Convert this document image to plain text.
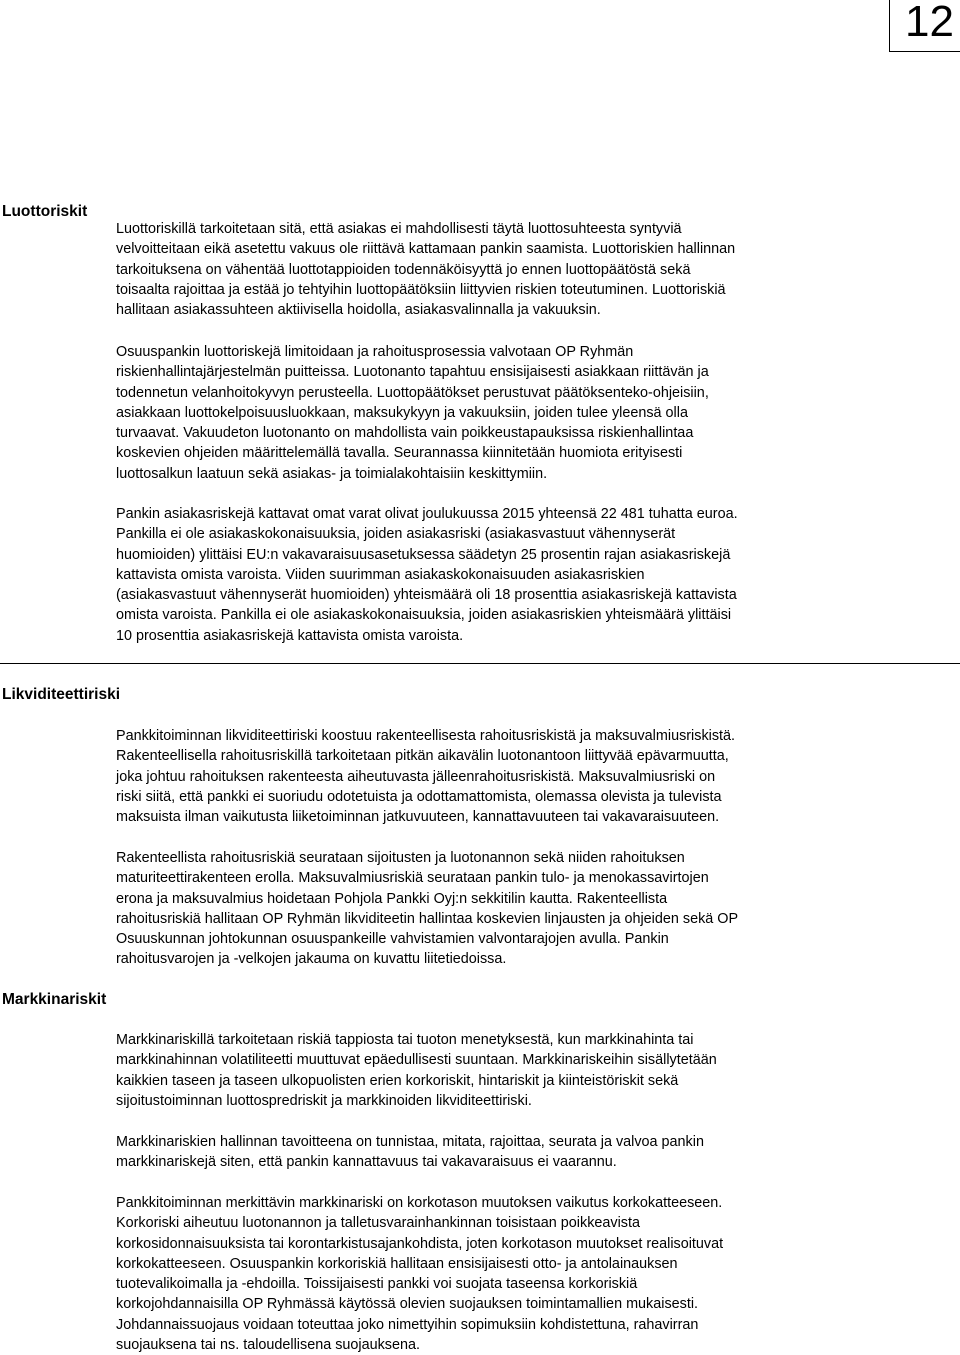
12
Luottoriskit

Luottoriskillä tarkoitetaan sitä, että asiakas ei mahdollisesti täytä luottosuhteesta syntyviä
velvoitteitaan eikä asetettu vakuus ole riittävä kattamaan pankin saamista. Luottoriskien hallinnan
tarkoituksena on vähentää luottotappioiden todennäköisyyttä jo ennen luottopäätöstä sekä
toisaalta rajoittaa ja estää jo tehtyihin luottopäätöksiin liittyvien riskien toteutuminen. Luottoriskiä
hallitaan asiakassuhteen aktiivisella hoidolla, asiakasvalinnalla ja vakuuksin.

Osuuspankin luottoriskejä limitoidaan ja rahoitusprosessia valvotaan OP Ryhmän
riskienhallintajärjestelmän puitteissa. Luotonanto tapahtuu ensisijaisesti asiakkaan riittävän ja
todennetun velanhoitokyvyn perusteella. Luottopäätökset perustuvat päätöksenteko-ohjeisiin,
asiakkaan luottokelpoisuusluokkaan, maksukykyyn ja vakuuksiin, joiden tulee yleensä olla
turvaavat. Vakuudeton luotonanto on mahdollista vain poikkeustapauksissa riskienhallintaa
koskevien ohjeiden määrittelemällä tavalla. Seurannassa kiinnitetään huomiota erityisesti
luottosalkun laatuun sekä asiakas- ja toimialakohtaisiin keskittymiin.

Pankin asiakasriskejä kattavat omat varat olivat joulukuussa 2015 yhteensä 22 481 tuhatta euroa.
Pankilla ei ole asiakaskokonaisuuksia, joiden asiakasriski (asiakasvastuut vähennyserät
huomioiden) ylittäisi EU:n vakavaraisuusasetuksessa säädetyn 25 prosentin rajan asiakasriskejä
kattavista omista varoista. Viiden suurimman asiakaskokonaisuuden asiakasriskien
(asiakasvastuut vähennyserät huomioiden) yhteismäärä oli 18 prosenttia asiakasriskejä kattavista
omista varoista. Pankilla ei ole asiakaskokonaisuuksia, joiden asiakasriskien yhteismäärä ylittäisi
10 prosenttia asiakasriskejä kattavista omista varoista.

Likviditeettiriski

Pankkitoiminnan likviditeettiriski koostuu rakenteellisesta rahoitusriskistä ja maksuvalmiusriskistä.
Rakenteellisella rahoitusriskillä tarkoitetaan pitkän aikavälin luotonantoon liittyvää epävarmuutta,
joka johtuu rahoituksen rakenteesta aiheutuvasta jälleenrahoitusriskistä. Maksuvalmiusriski on
riski siitä, että pankki ei suoriudu odotetuista ja odottamattomista, olemassa olevista ja tulevista
maksuista ilman vaikutusta liiketoiminnan jatkuvuuteen, kannattavuuteen tai vakavaraisuuteen.

Rakenteellista rahoitusriskiä seurataan sijoitusten ja luotonannon sekä niiden rahoituksen
maturiteettirakenteen erolla. Maksuvalmiusriskiä seurataan pankin tulo- ja menokassavirtojen
erona ja maksuvalmius hoidetaan Pohjola Pankki Oyj:n sekkitilin kautta. Rakenteellista
rahoitusriskiä hallitaan OP Ryhmän likviditeetin hallintaa koskevien linjausten ja ohjeiden sekä OP
Osuuskunnan johtokunnan osuuspankeille vahvistamien valvontarajojen avulla. Pankin
rahoitusvarojen ja -velkojen jakauma on kuvattu liitetiedoissa.

Markkinariskit

Markkinariskillä tarkoitetaan riskiä tappiosta tai tuoton menetyksestä, kun markkinahinta tai
markkinahinnan volatiliteetti muuttuvat epäedullisesti suuntaan. Markkinariskeihin sisällytetään
kaikkien taseen ja taseen ulkopuolisten erien korkoriskit, hintariskit ja kiinteistöriskit sekä
sijoitustoiminnan luottospredriskit ja markkinoiden likviditeettiriski.

Markkinariskien hallinnan tavoitteena on tunnistaa, mitata, rajoittaa, seurata ja valvoa pankin
markkinariskejä siten, että pankin kannattavuus tai vakavaraisuus ei vaarannu.

Pankkitoiminnan merkittävin markkinariski on korkotason muutoksen vaikutus korkokatteeseen.
Korkoriski aiheutuu luotonannon ja talletusvarainhankinnan toisistaan poikkeavista
korkosidonnaisuuksista tai korontarkistusajankohdista, joten korkotason muutokset realisoituvat
korkokatteeseen. Osuuspankin korkoriskiä hallitaan ensisijaisesti otto- ja antolainauksen
tuotevalikoimalla ja -ehdoilla. Toissijaisesti pankki voi suojata taseensa korkoriskiä
korkojohdannaisilla OP Ryhmässä käytössä olevien suojauksen toimintamallien mukaisesti.
Johdannaissuojaus voidaan toteuttaa joko nimettyihin sopimuksiin kohdistettuna, rahavirran
suojauksena tai ns. taloudellisena suojauksena.
